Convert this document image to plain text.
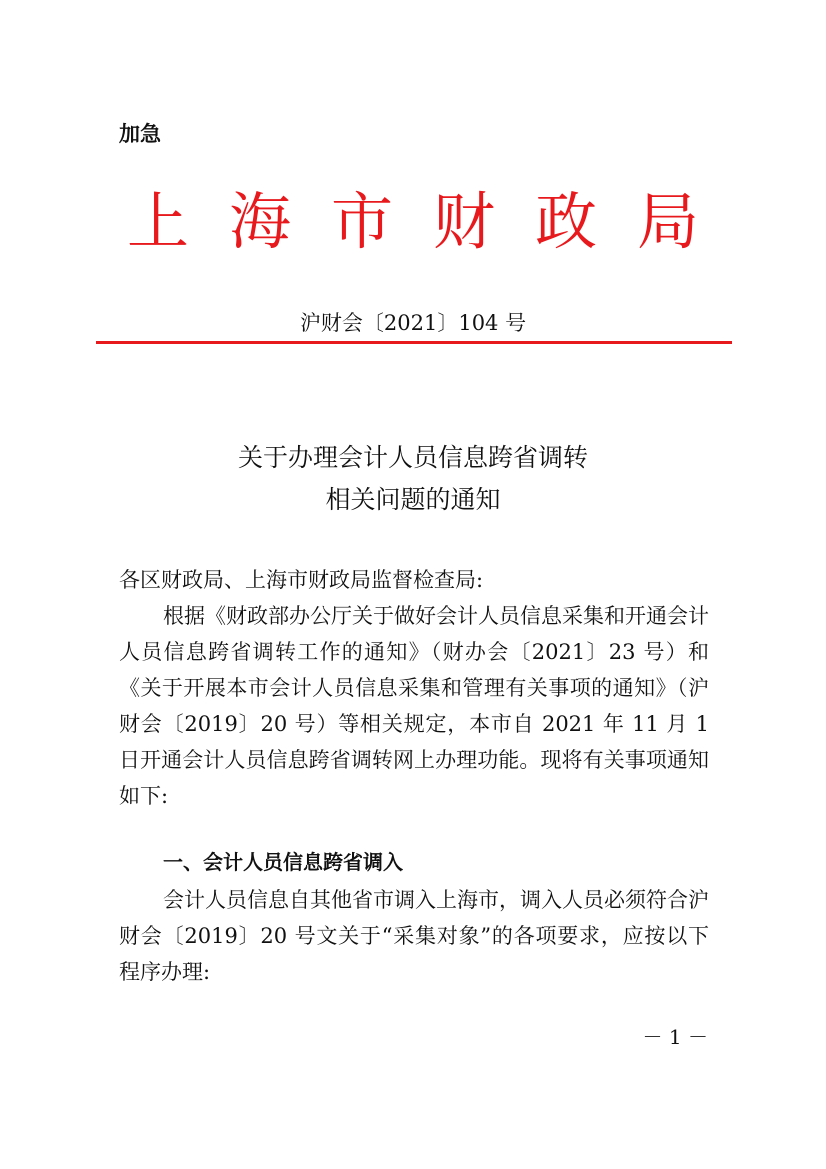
加急
上海市财政局
沪财会〔2021〕104 号
关于办理会计人员信息跨省调转
相关问题的通知
各区财政局、上海市财政局监督检查局:
根据《财政部办公厅关于做好会计人员信息采集和开通会计人员信息跨省调转工作的通知》（财办会〔2021〕23 号）和《关于开展本市会计人员信息采集和管理有关事项的通知》（沪财会〔2019〕20 号）等相关规定，本市自 2021 年 11 月 1 日开通会计人员信息跨省调转网上办理功能。现将有关事项通知如下:
一、会计人员信息跨省调入
会计人员信息自其他省市调入上海市，调入人员必须符合沪财会〔2019〕20 号文关于“采集对象”的各项要求，应按以下程序办理:
－ 1 －
